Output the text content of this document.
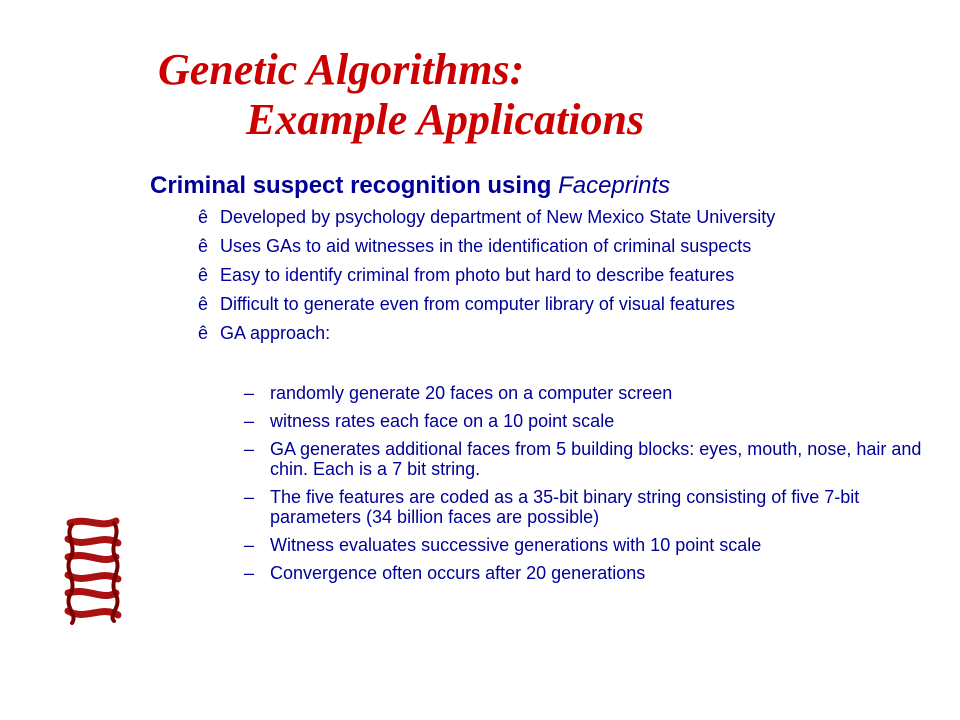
Genetic Algorithms:
Example Applications
Criminal suspect recognition using Faceprints
ê Developed by psychology department of New Mexico State University
ê Uses GAs to aid witnesses in the identification of criminal suspects
ê Easy to identify criminal from photo but hard to describe features
ê Difficult to generate even from computer library of visual features
ê GA approach:
– randomly generate 20 faces on a computer screen
– witness rates each face on a 10 point scale
– GA generates additional faces from 5 building blocks: eyes, mouth, nose, hair and chin. Each is a 7 bit string.
– The five features are coded as a 35-bit binary string consisting of five 7-bit parameters (34 billion faces are possible)
– Witness evaluates successive generations with 10 point scale
– Convergence often occurs after 20 generations
